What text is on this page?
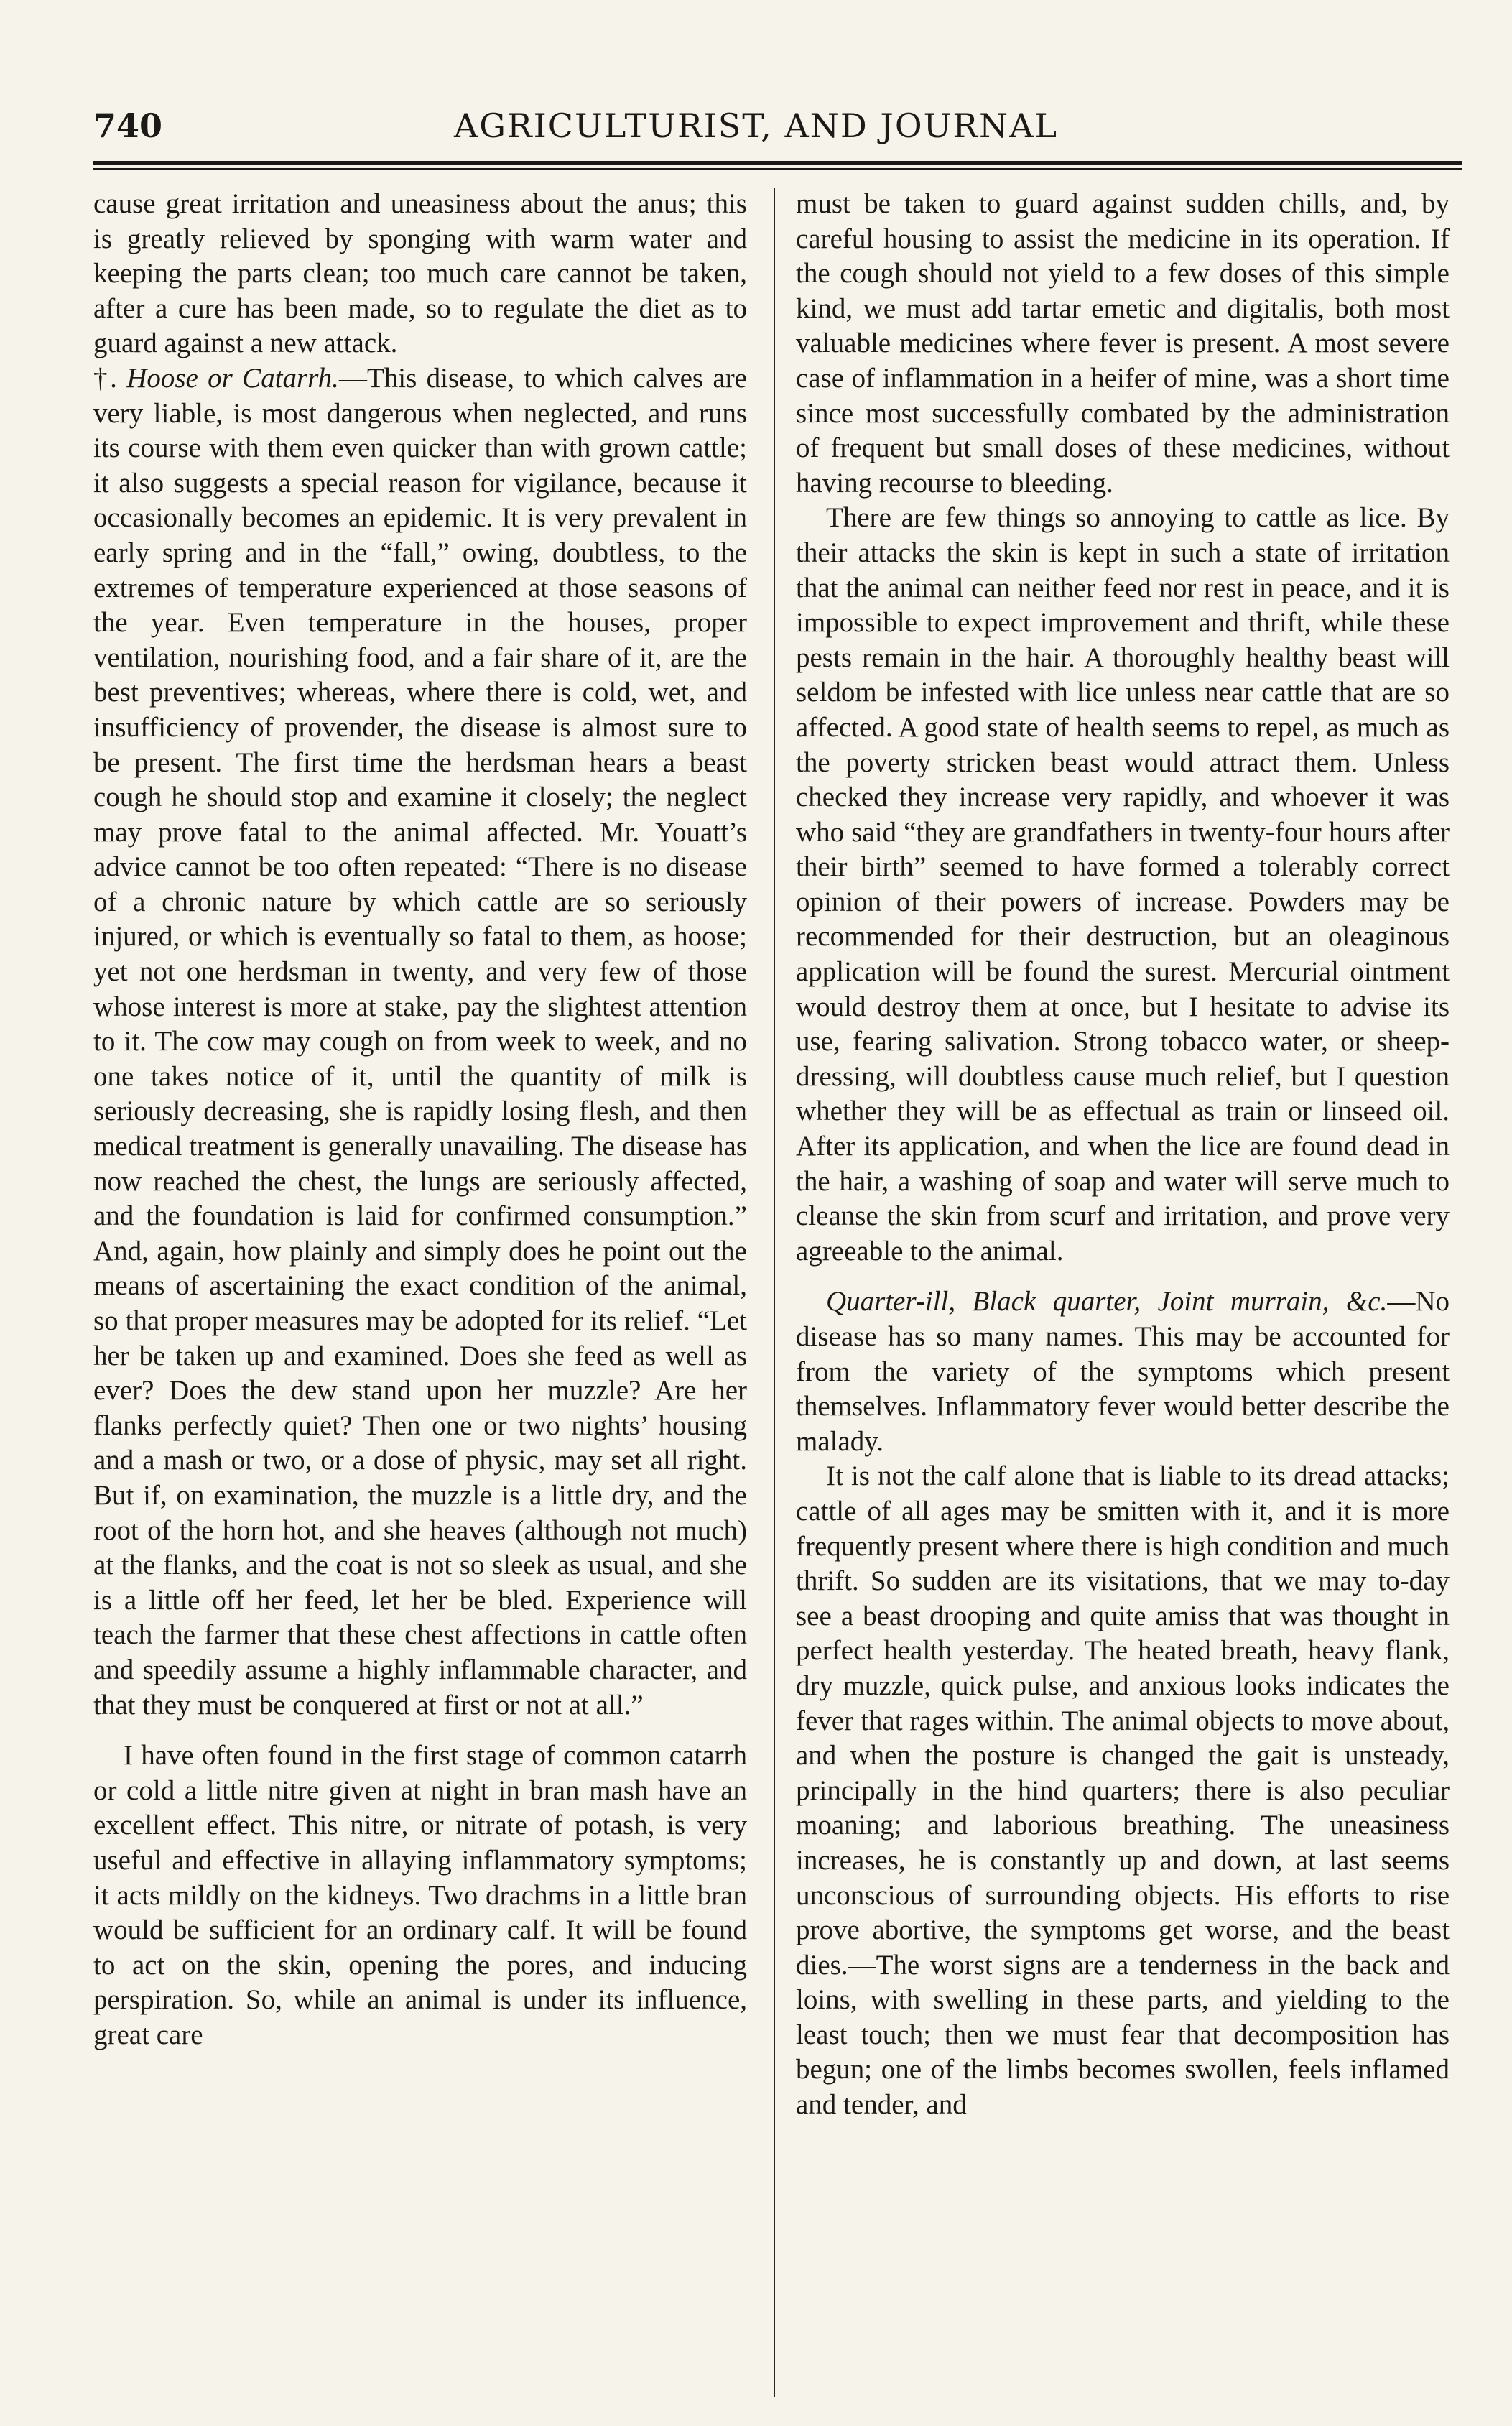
740	AGRICULTURIST, AND JOURNAL

cause great irritation and uneasiness about the anus; this is greatly relieved by sponging with warm water and keeping the parts clean; too much care cannot be taken, after a cure has been made, so to regulate the diet as to guard against a new attack.

†. Hoose or Catarrh.—This disease, to which calves are very liable, is most dangerous when neglected, and runs its course with them even quicker than with grown cattle; it also suggests a special reason for vigilance, because it occasionally becomes an epidemic. It is very prevalent in early spring and in the “fall,” owing, doubtless, to the extremes of temperature experienced at those seasons of the year. Even temperature in the houses, proper ventilation, nourishing food, and a fair share of it, are the best preventives; whereas, where there is cold, wet, and insufficiency of provender, the disease is almost sure to be present. The first time the herdsman hears a beast cough he should stop and examine it closely; the neglect may prove fatal to the animal affected. Mr. Youatt’s advice cannot be too often repeated: “There is no disease of a chronic nature by which cattle are so seriously injured, or which is eventually so fatal to them, as hoose; yet not one herdsman in twenty, and very few of those whose interest is more at stake, pay the slightest attention to it. The cow may cough on from week to week, and no one takes notice of it, until the quantity of milk is seriously decreasing, she is rapidly losing flesh, and then medical treatment is generally unavailing. The disease has now reached the chest, the lungs are seriously affected, and the foundation is laid for confirmed consumption.” And, again, how plainly and simply does he point out the means of ascertaining the exact condition of the animal, so that proper measures may be adopted for its relief. “Let her be taken up and examined. Does she feed as well as ever? Does the dew stand upon her muzzle? Are her flanks perfectly quiet? Then one or two nights’ housing and a mash or two, or a dose of physic, may set all right. But if, on examination, the muzzle is a little dry, and the root of the horn hot, and she heaves (although not much) at the flanks, and the coat is not so sleek as usual, and she is a little off her feed, let her be bled. Experience will teach the farmer that these chest affections in cattle often and speedily assume a highly inflammable character, and that they must be conquered at first or not at all.”

I have often found in the first stage of common catarrh or cold a little nitre given at night in bran mash have an excellent effect. This nitre, or nitrate of potash, is very useful and effective in allaying inflammatory symptoms; it acts mildly on the kidneys. Two drachms in a little bran would be sufficient for an ordinary calf. It will be found to act on the skin, opening the pores, and inducing perspiration. So, while an animal is under its influence, great care

must be taken to guard against sudden chills, and, by careful housing to assist the medicine in its operation. If the cough should not yield to a few doses of this simple kind, we must add tartar emetic and digitalis, both most valuable medicines where fever is present. A most severe case of inflammation in a heifer of mine, was a short time since most successfully combated by the administration of frequent but small doses of these medicines, without having recourse to bleeding.

There are few things so annoying to cattle as lice. By their attacks the skin is kept in such a state of irritation that the animal can neither feed nor rest in peace, and it is impossible to expect improvement and thrift, while these pests remain in the hair. A thoroughly healthy beast will seldom be infested with lice unless near cattle that are so affected. A good state of health seems to repel, as much as the poverty stricken beast would attract them. Unless checked they increase very rapidly, and whoever it was who said “they are grandfathers in twenty-four hours after their birth” seemed to have formed a tolerably correct opinion of their powers of increase. Powders may be recommended for their destruction, but an oleaginous application will be found the surest. Mercurial ointment would destroy them at once, but I hesitate to advise its use, fearing salivation. Strong tobacco water, or sheep-dressing, will doubtless cause much relief, but I question whether they will be as effectual as train or linseed oil. After its application, and when the lice are found dead in the hair, a washing of soap and water will serve much to cleanse the skin from scurf and irritation, and prove very agreeable to the animal.

Quarter-ill, Black quarter, Joint murrain, &c.—No disease has so many names. This may be accounted for from the variety of the symptoms which present themselves. Inflammatory fever would better describe the malady.

It is not the calf alone that is liable to its dread attacks; cattle of all ages may be smitten with it, and it is more frequently present where there is high condition and much thrift. So sudden are its visitations, that we may to-day see a beast drooping and quite amiss that was thought in perfect health yesterday. The heated breath, heavy flank, dry muzzle, quick pulse, and anxious looks indicates the fever that rages within. The animal objects to move about, and when the posture is changed the gait is unsteady, principally in the hind quarters; there is also peculiar moaning; and laborious breathing. The uneasiness increases, he is constantly up and down, at last seems unconscious of surrounding objects. His efforts to rise prove abortive, the symptoms get worse, and the beast dies.—The worst signs are a tenderness in the back and loins, with swelling in these parts, and yielding to the least touch; then we must fear that decomposition has begun; one of the limbs becomes swollen, feels inflamed and tender, and
